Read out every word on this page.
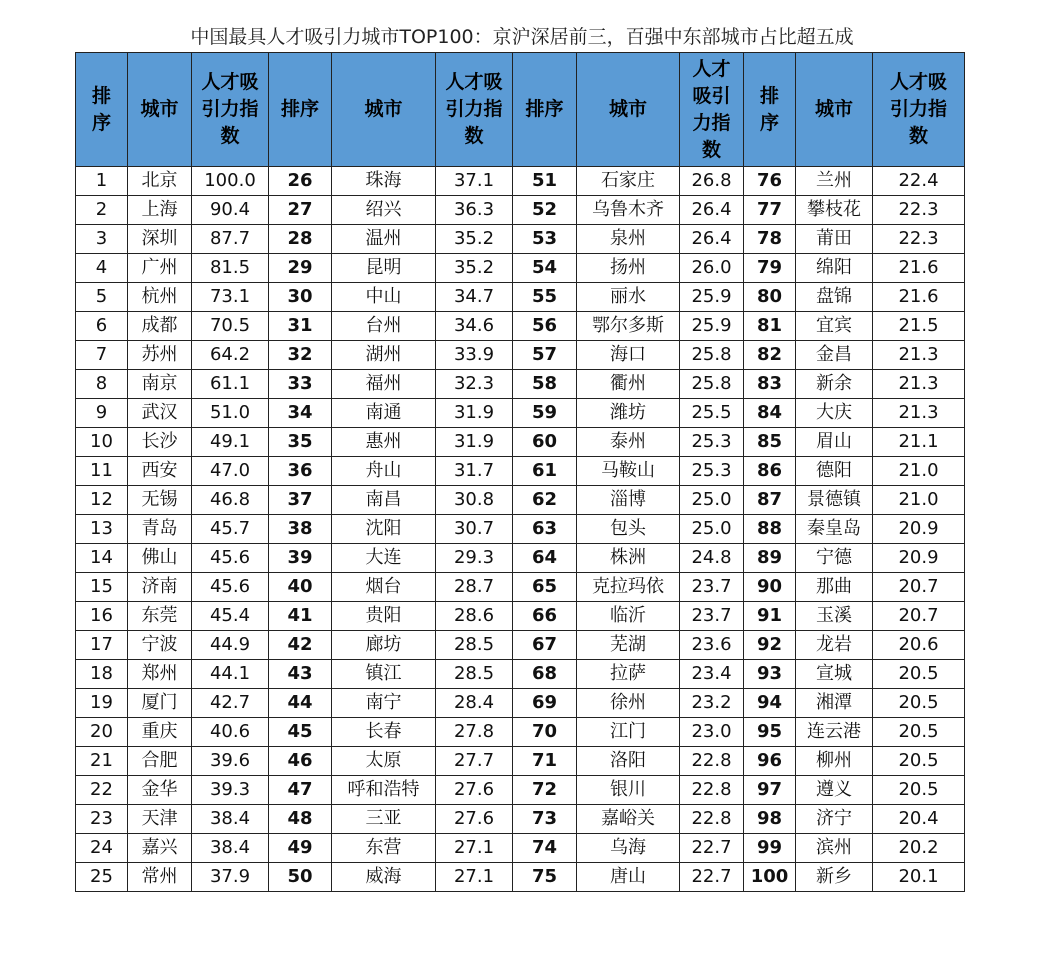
中国最具人才吸引力城市TOP100：京沪深居前三，百强中东部城市占比超五成
排
序	城市	人才吸
引力指
数	排序	城市	人才吸
引力指
数	排序	城市	人才
吸引
力指
数	排
序	城市	人才吸
引力指
数
1	北京	100.0	26	珠海	37.1	51	石家庄	26.8	76	兰州	22.4
2	上海	90.4	27	绍兴	36.3	52	乌鲁木齐	26.4	77	攀枝花	22.3
3	深圳	87.7	28	温州	35.2	53	泉州	26.4	78	莆田	22.3
4	广州	81.5	29	昆明	35.2	54	扬州	26.0	79	绵阳	21.6
5	杭州	73.1	30	中山	34.7	55	丽水	25.9	80	盘锦	21.6
6	成都	70.5	31	台州	34.6	56	鄂尔多斯	25.9	81	宜宾	21.5
7	苏州	64.2	32	湖州	33.9	57	海口	25.8	82	金昌	21.3
8	南京	61.1	33	福州	32.3	58	衢州	25.8	83	新余	21.3
9	武汉	51.0	34	南通	31.9	59	潍坊	25.5	84	大庆	21.3
10	长沙	49.1	35	惠州	31.9	60	泰州	25.3	85	眉山	21.1
11	西安	47.0	36	舟山	31.7	61	马鞍山	25.3	86	德阳	21.0
12	无锡	46.8	37	南昌	30.8	62	淄博	25.0	87	景德镇	21.0
13	青岛	45.7	38	沈阳	30.7	63	包头	25.0	88	秦皇岛	20.9
14	佛山	45.6	39	大连	29.3	64	株洲	24.8	89	宁德	20.9
15	济南	45.6	40	烟台	28.7	65	克拉玛依	23.7	90	那曲	20.7
16	东莞	45.4	41	贵阳	28.6	66	临沂	23.7	91	玉溪	20.7
17	宁波	44.9	42	廊坊	28.5	67	芜湖	23.6	92	龙岩	20.6
18	郑州	44.1	43	镇江	28.5	68	拉萨	23.4	93	宣城	20.5
19	厦门	42.7	44	南宁	28.4	69	徐州	23.2	94	湘潭	20.5
20	重庆	40.6	45	长春	27.8	70	江门	23.0	95	连云港	20.5
21	合肥	39.6	46	太原	27.7	71	洛阳	22.8	96	柳州	20.5
22	金华	39.3	47	呼和浩特	27.6	72	银川	22.8	97	遵义	20.5
23	天津	38.4	48	三亚	27.6	73	嘉峪关	22.8	98	济宁	20.4
24	嘉兴	38.4	49	东营	27.1	74	乌海	22.7	99	滨州	20.2
25	常州	37.9	50	威海	27.1	75	唐山	22.7	100	新乡	20.1
